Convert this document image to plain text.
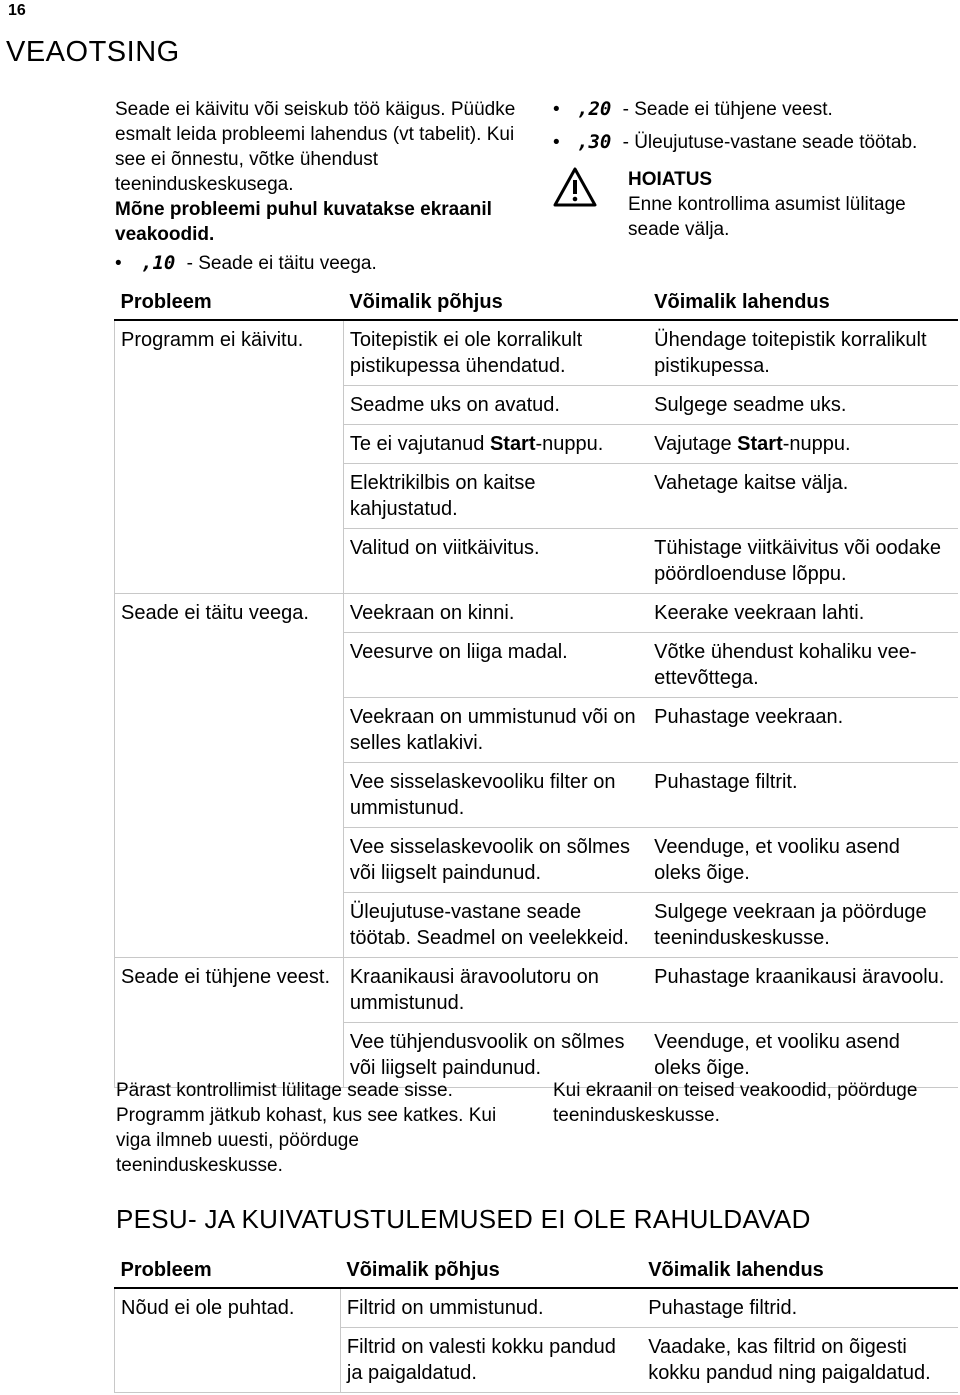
16
VEAOTSING

Seade ei käivitu või seiskub töö käigus. Püüdke esmalt leida probleemi lahendus (vt tabelit). Kui see ei õnnestu, võtke ühendust teeninduskeskusega.

Mõne probleemi puhul kuvatakse ekraanil veakoodid.

• ,10 - Seade ei täitu veega.
• ,20 - Seade ei tühjene veest.
• ,30 - Üleujutuse-vastane seade töötab.
HOIATUS
Enne kontrollima asumist lülitage seade välja.
Probleem	Võimalik põhjus	Võimalik lahendus
Programm ei käivitu.	Toitepistik ei ole korralikult pistikupessa ühendatud.	Ühendage toitepistik korralikult pistikupessa.
	Seadme uks on avatud.	Sulgege seadme uks.
	Te ei vajutanud Start-nuppu.	Vajutage Start-nuppu.
	Elektrikilbis on kaitse kahjustatud.	Vahetage kaitse välja.
	Valitud on viitkäivitus.	Tühistage viitkäivitus või oodake pöördloenduse lõppu.
Seade ei täitu veega.	Veekraan on kinni.	Keerake veekraan lahti.
	Veesurve on liiga madal.	Võtke ühendust kohaliku vee-ettevõttega.
	Veekraan on ummistunud või on selles katlakivi.	Puhastage veekraan.
	Vee sisselaskevooliku filter on ummistunud.	Puhastage filtrit.
	Vee sisselaskevoolik on sõlmes või liigselt paindunud.	Veenduge, et vooliku asend oleks õige.
	Üleujutuse-vastane seade töötab. Seadmel on veelekkeid.	Sulgege veekraan ja pöörduge teeninduskeskusse.
Seade ei tühjene veest.	Kraanikausi äravoolutoru on ummistunud.	Puhastage kraanikausi äravoolu.
	Vee tühjendusvoolik on sõlmes või liigselt paindunud.	Veenduge, et vooliku asend oleks õige.
Pärast kontrollimist lülitage seade sisse. Programm jätkub kohast, kus see katkes. Kui viga ilmneb uuesti, pöörduge teeninduskeskusse.
Kui ekraanil on teised veakoodid, pöörduge teeninduskeskusse.
PESU- JA KUIVATUSTULEMUSED EI OLE RAHULDAVAD
Probleem	Võimalik põhjus	Võimalik lahendus
Nõud ei ole puhtad.	Filtrid on ummistunud.	Puhastage filtrid.
	Filtrid on valesti kokku pandud ja paigaldatud.	Vaadake, kas filtrid on õigesti kokku pandud ning paigaldatud.
